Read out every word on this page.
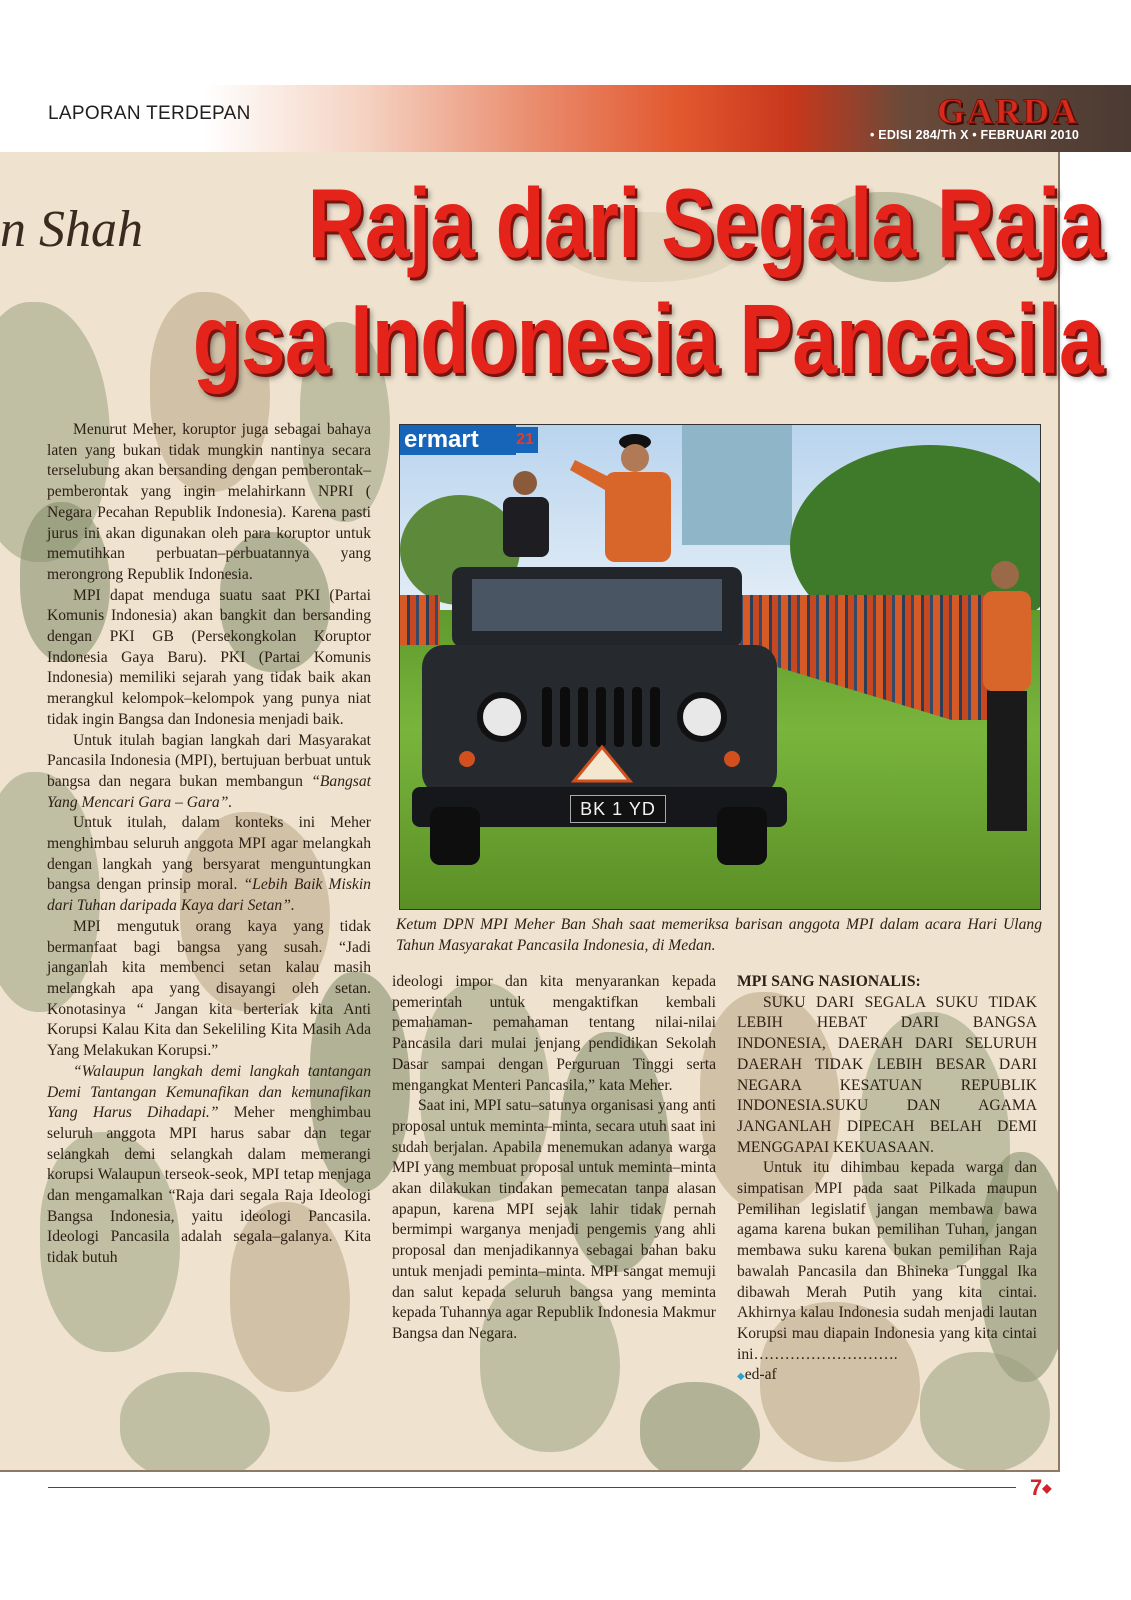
LAPORAN TERDEPAN	GARDA

• EDISI 284/Th X • FEBRUARI 2010

n Shah Raja dari Segala Raja

gsa Indonesia Pancasila

Menurut Meher, koruptor juga sebagai bahaya laten yang bukan tidak mungkin nantinya secara terselubung akan bersanding dengan pemberontak–pemberontak yang ingin melahirkann NPRI ( Negara Pecahan Republik Indonesia). Karena pasti jurus ini akan digunakan oleh para koruptor untuk memutihkan perbuatan–perbuatannya yang merongrong Republik Indonesia.

MPI dapat menduga suatu saat PKI (Partai Komunis Indonesia) akan bangkit dan bersanding dengan PKI GB (Persekongkolan Koruptor Indonesia Gaya Baru). PKI (Partai Komunis Indonesia) memiliki sejarah yang tidak baik akan merangkul kelompok–kelompok yang punya niat tidak ingin Bangsa dan Indonesia menjadi baik.

Untuk itulah bagian langkah dari Masyarakat Pancasila Indonesia (MPI), bertujuan berbuat untuk bangsa dan negara bukan membangun “Bangsat Yang Mencari Gara – Gara”.

Untuk itulah, dalam konteks ini Meher menghimbau seluruh anggota MPI agar melangkah dengan langkah yang bersyarat menguntungkan bangsa dengan prinsip moral. “Lebih Baik Miskin dari Tuhan daripada Kaya dari Setan”.

MPI mengutuk orang kaya yang tidak bermanfaat bagi bangsa yang susah. “Jadi janganlah kita membenci setan kalau masih melangkah apa yang disayangi oleh setan. Konotasinya “ Jangan kita berteriak kita Anti Korupsi Kalau Kita dan Sekeliling Kita Masih Ada Yang Melakukan Korupsi.”

“Walaupun langkah demi langkah tantangan Demi Tantangan Kemunafikan dan kemunafikan Yang Harus Dihadapi.” Meher menghimbau seluruh anggota MPI harus sabar dan tegar selangkah demi selangkah dalam memerangi korupsi Walaupun terseok-seok, MPI tetap menjaga dan mengamalkan “Raja dari segala Raja Ideologi Bangsa Indonesia, yaitu ideologi Pancasila. Ideologi Pancasila adalah segala–galanya. Kita tidak butuh

ermart	21
BK 1 YD

Ketum DPN MPI Meher Ban Shah saat memeriksa barisan anggota MPI dalam acara Hari Ulang Tahun Masyarakat Pancasila Indonesia, di Medan.

ideologi impor dan kita menyarankan kepada pemerintah untuk mengaktifkan kembali pemahaman- pemahaman tentang nilai-nilai Pancasila dari mulai jenjang pendidikan Sekolah Dasar sampai dengan Perguruan Tinggi serta mengangkat Menteri Pancasila,” kata Meher.

Saat ini, MPI satu–satunya organisasi yang anti proposal untuk meminta–minta, secara utuh saat ini sudah berjalan. Apabila menemukan adanya warga MPI yang membuat proposal untuk meminta–minta akan dilakukan tindakan pemecatan tanpa alasan apapun, karena MPI sejak lahir tidak pernah bermimpi warganya menjadi pengemis yang ahli proposal dan menjadikannya sebagai bahan baku untuk menjadi peminta–minta. MPI sangat memuji dan salut kepada seluruh bangsa yang meminta kepada Tuhannya agar Republik Indonesia Makmur Bangsa dan Negara.

MPI SANG NASIONALIS:

SUKU DARI SEGALA SUKU TIDAK LEBIH HEBAT DARI BANGSA INDONESIA, DAERAH DARI SELURUH DAERAH TIDAK LEBIH BESAR DARI NEGARA KESATUAN REPUBLIK INDONESIA.SUKU DAN AGAMA JANGANLAH DIPECAH BELAH DEMI MENGGAPAI KEKUASAAN.

Untuk itu dihimbau kepada warga dan simpatisan MPI pada saat Pilkada maupun Pemilihan legislatif jangan membawa bawa agama karena bukan pemilihan Tuhan, jangan membawa suku karena bukan pemilihan Raja bawalah Pancasila dan Bhineka Tunggal Ika dibawah Merah Putih yang kita cintai. Akhirnya kalau Indonesia sudah menjadi lautan Korupsi mau diapain Indonesia yang kita cintai ini……………………….

◆ed-af

7◆
